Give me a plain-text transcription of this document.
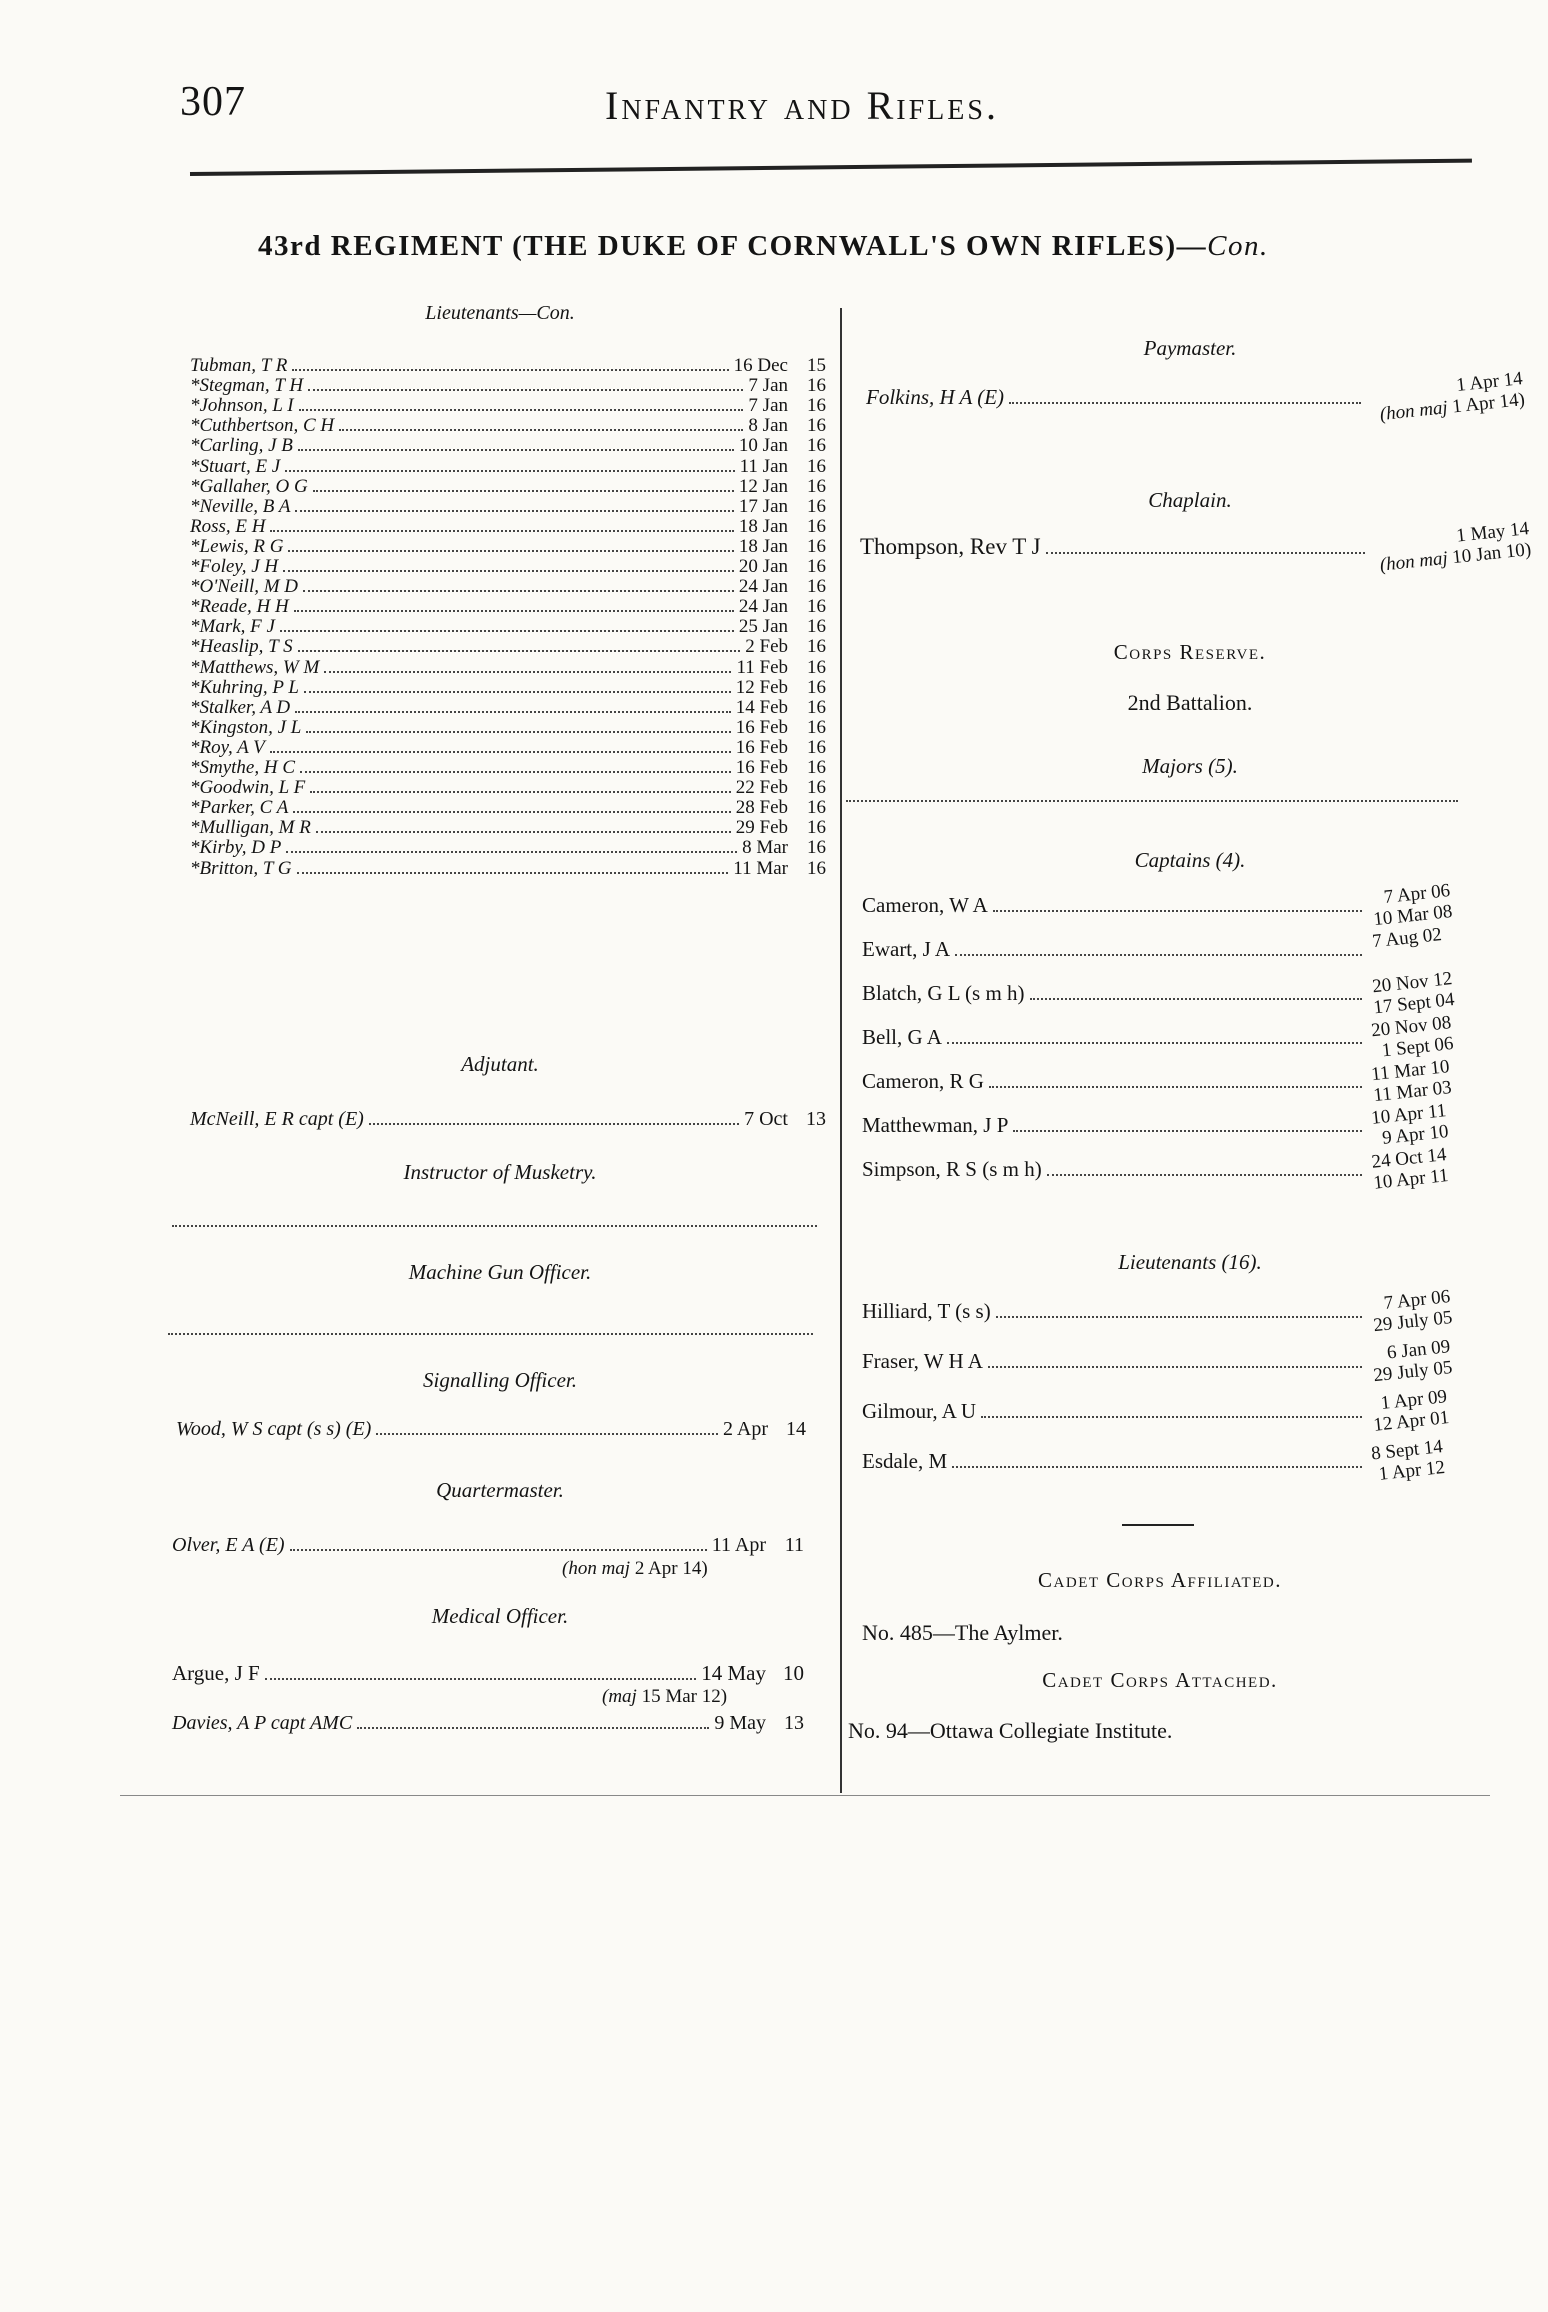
307	Infantry and Rifles.
43rd REGIMENT (THE DUKE OF CORNWALL'S OWN RIFLES)—Con.
Lieutenants—Con.
Tubman, T R	16 Dec	15
*Stegman, T H	7 Jan	16
*Johnson, L I	7 Jan	16
*Cuthbertson, C H	8 Jan	16
*Carling, J B	10 Jan	16
*Stuart, E J	11 Jan	16
*Gallaher, O G	12 Jan	16
*Neville, B A	17 Jan	16
Ross, E H	18 Jan	16
*Lewis, R G	18 Jan	16
*Foley, J H	20 Jan	16
*O'Neill, M D	24 Jan	16
*Reade, H H	24 Jan	16
*Mark, F J	25 Jan	16
*Heaslip, T S	2 Feb	16
*Matthews, W M	11 Feb	16
*Kuhring, P L	12 Feb	16
*Stalker, A D	14 Feb	16
*Kingston, J L	16 Feb	16
*Roy, A V	16 Feb	16
*Smythe, H C	16 Feb	16
*Goodwin, L F	22 Feb	16
*Parker, C A	28 Feb	16
*Mulligan, M R	29 Feb	16
*Kirby, D P	8 Mar	16
*Britton, T G	11 Mar	16
Adjutant.
McNeill, E R capt (E)	7 Oct 13
Instructor of Musketry.
Machine Gun Officer.
Signalling Officer.
Wood, W S capt (s s) (E)	2 Apr 14
Quartermaster.
Olver, E A (E)	11 Apr 11
(hon maj 2 Apr 14)
Medical Officer.
Argue, J F	14 May 10
(maj 15 Mar 12)
Davies, A P capt AMC	9 May 13
Paymaster.
Folkins, H A (E)
1 Apr 14
(hon maj 1 Apr 14)
Chaplain.
Thompson, Rev T J	1 May 14
(hon maj 10 Jan 10)
Corps Reserve.
2nd Battalion.
Majors (5).
Captains (4).
Cameron, W A	7 Apr 06
10 Mar 08
Ewart, J A	7 Aug 02
Blatch, G L (s m h)	20 Nov 12
17 Sept 04
Bell, G A	20 Nov 08
1 Sept 06
Cameron, R G	11 Mar 10
11 Mar 03
Matthewman, J P	10 Apr 11
9 Apr 10
Simpson, R S (s m h)	24 Oct 14
10 Apr 11
Lieutenants (16).
Hilliard, T (s s)	7 Apr 06
29 July 05
Fraser, W H A	6 Jan 09
29 July 05
Gilmour, A U	1 Apr 09
12 Apr 01
Esdale, M	8 Sept 14
1 Apr 12
Cadet Corps Affiliated.
No. 485—The Aylmer.
Cadet Corps Attached.
No. 94—Ottawa Collegiate Institute.
